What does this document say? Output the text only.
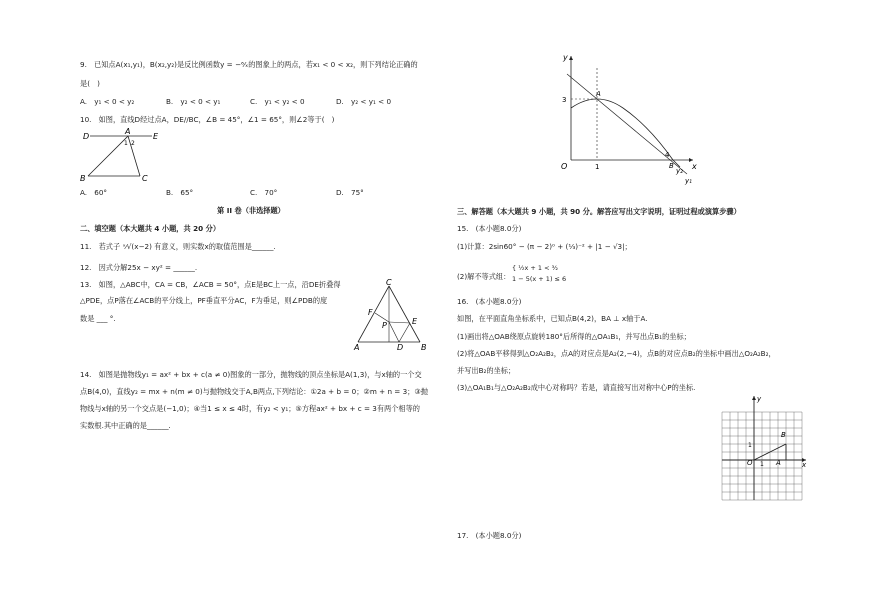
9.　已知点A(x₁,y₁)，B(x₂,y₂)是反比例函数y = −⁶⁄ₓ的图象上的两点，若x₁ < 0 < x₂，则下列结论正确的
是(　)
A.　y₁ < 0 < y₂	B.　y₂ < 0 < y₁	C.　y₁ < y₂ < 0	D.　y₂ < y₁ < 0
10.　如图，直线D经过点A，DE//BC，∠B = 45°，∠1 = 65°，则∠2等于(　)
D
A
E
B	C
1 2
A.　60°	B.　65°	C.　70°	D.　75°
第 II 卷（非选择题）
二、填空题（本大题共 4 小题，共 20 分）
11.　若式子 ˣ⁄√(x−2) 有意义，则实数x的取值范围是______.
12.　因式分解25x − xy² = ______.
13.　如图，△ABC中，CA = CB，∠ACB = 50°，点E是BC上一点，沿DE折叠得
△PDE，点P落在∠ACB的平分线上，PF垂直平分AC，F为垂足，则∠PDB的度
数是 ___ °.
C
F
E
P
A	D B
14.　如图是抛物线y₁ = ax² + bx + c(a ≠ 0)图象的一部分，抛物线的顶点坐标是A(1,3)，与x轴的一个交
点B(4,0)，直线y₂ = mx + n(m ≠ 0)与抛物线交于A,B两点,下列结论：①2a + b = 0；②m + n = 3；③抛
物线与x轴的另一个交点是(−1,0)；④当1 ≤ x ≤ 4时，有y₂ < y₁；⑤方程ax² + bx + c = 3有两个相等的
实数根.其中正确的是______.
y
x
A
3
O	1
4
B
y₂
y₁
三、解答题（本大题共 9 小题，共 90 分。解答应写出文字说明，证明过程或演算步骤）
15.　(本小题8.0分)
(1)计算：2sin60° − (π − 2)⁰ + (⅓)⁻² + |1 − √3|；
(2)解不等式组：
{ ½x + 1 < ³⁄₂
1 − 5(x + 1) ≤ 6
16.　(本小题8.0分)
如图，在平面直角坐标系中，已知点B(4,2)，BA ⊥ x轴于A.
(1)画出将△OAB绕原点旋转180°后所得的△OA₁B₁，并写出点B₁的坐标；
(2)将△OAB平移得到△O₂A₂B₂，点A的对应点是A₂(2,−4)，点B的对应点B₂的坐标中画出△O₂A₂B₂，
并写出B₂的坐标；
(3)△OA₁B₁与△O₂A₂B₂成中心对称吗？若是，请直接写出对称中心P的坐标.
y
x
B
A
O
1
1
17.　(本小题8.0分)
